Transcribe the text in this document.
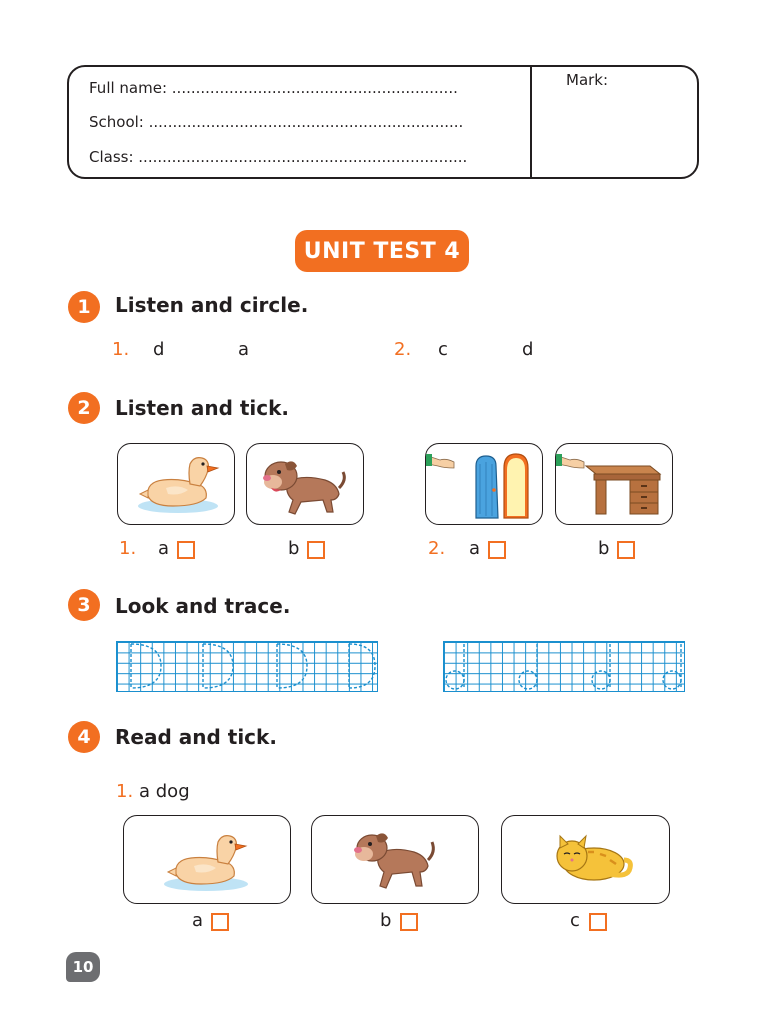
Full name: ............................................................
School: ..................................................................
Class: .....................................................................
Mark:
UNIT TEST 4
1	Listen and circle.
1. d	a	2. c	d
2	Listen and tick.
1. a	b	2. a	b
3	Look and trace.
4	Read and tick.
1. a dog
a	b	c
10
